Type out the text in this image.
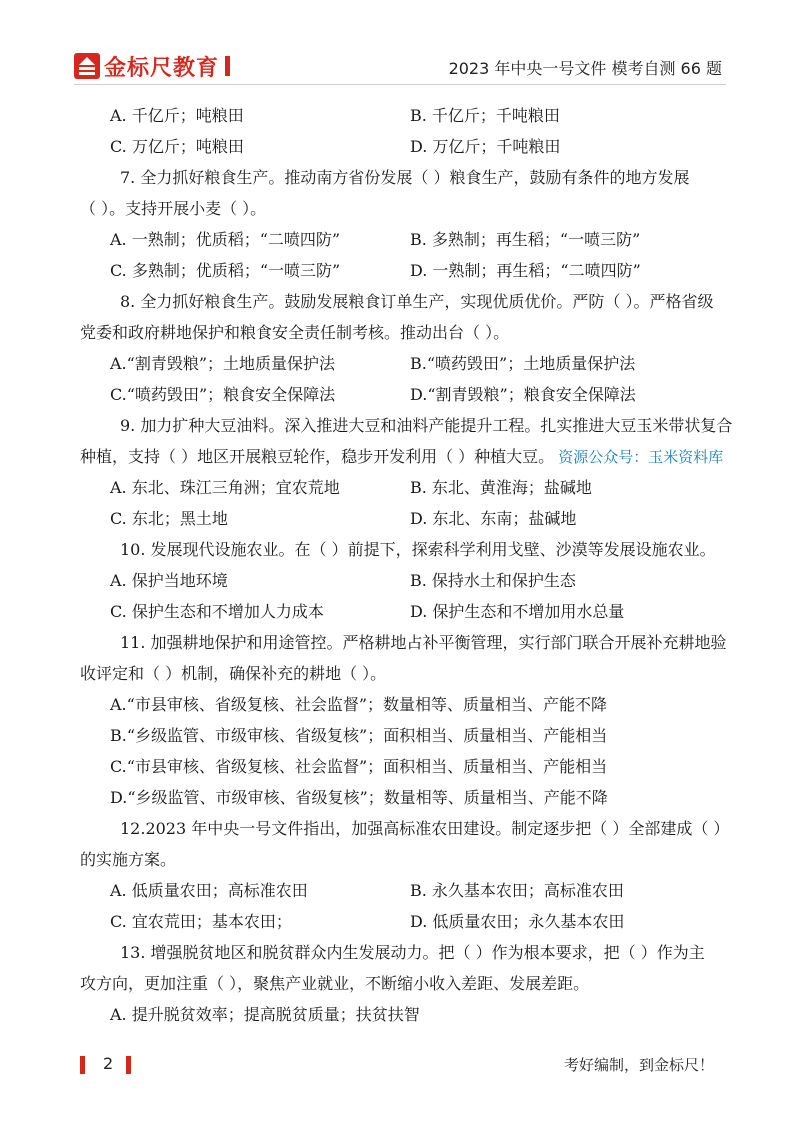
金标尺教育	2023 年中央一号文件 模考自测 66 题
A. 千亿斤；吨粮田	B. 千亿斤；千吨粮田
C. 万亿斤；吨粮田	D. 万亿斤；千吨粮田
7. 全力抓好粮食生产。推动南方省份发展（ ）粮食生产，鼓励有条件的地方发展
（ ）。支持开展小麦（ ）。
A. 一熟制；优质稻；“二喷四防”	B. 多熟制；再生稻；“一喷三防”
C. 多熟制；优质稻；“一喷三防”	D. 一熟制；再生稻；“二喷四防”
8. 全力抓好粮食生产。鼓励发展粮食订单生产，实现优质优价。严防（ ）。严格省级
党委和政府耕地保护和粮食安全责任制考核。推动出台（ ）。
A.“割青毁粮”；土地质量保护法	B.“喷药毁田”；土地质量保护法
C.“喷药毁田”；粮食安全保障法	D.“割青毁粮”；粮食安全保障法
9. 加力扩种大豆油料。深入推进大豆和油料产能提升工程。扎实推进大豆玉米带状复合
种植，支持（ ）地区开展粮豆轮作，稳步开发利用（ ）种植大豆。 资源公众号：玉米资料库
A. 东北、珠江三角洲；宜农荒地	B. 东北、黄淮海；盐碱地
C. 东北；黑土地	D. 东北、东南；盐碱地
10. 发展现代设施农业。在（ ）前提下，探索科学利用戈壁、沙漠等发展设施农业。
A. 保护当地环境	B. 保持水土和保护生态
C. 保护生态和不增加人力成本	D. 保护生态和不增加用水总量
11. 加强耕地保护和用途管控。严格耕地占补平衡管理，实行部门联合开展补充耕地验
收评定和（ ）机制，确保补充的耕地（ ）。
A.“市县审核、省级复核、社会监督”；数量相等、质量相当、产能不降
B.“乡级监管、市级审核、省级复核”；面积相当、质量相当、产能相当
C.“市县审核、省级复核、社会监督”；面积相当、质量相当、产能相当
D.“乡级监管、市级审核、省级复核”；数量相等、质量相当、产能不降
12.2023 年中央一号文件指出，加强高标准农田建设。制定逐步把（ ）全部建成（ ）
的实施方案。
A. 低质量农田；高标准农田	B. 永久基本农田；高标准农田
C. 宜农荒田；基本农田；	D. 低质量农田；永久基本农田
13. 增强脱贫地区和脱贫群众内生发展动力。把（ ）作为根本要求，把（ ）作为主
攻方向，更加注重（ ），聚焦产业就业，不断缩小收入差距、发展差距。
A. 提升脱贫效率；提高脱贫质量；扶贫扶智
2	考好编制，到金标尺！
